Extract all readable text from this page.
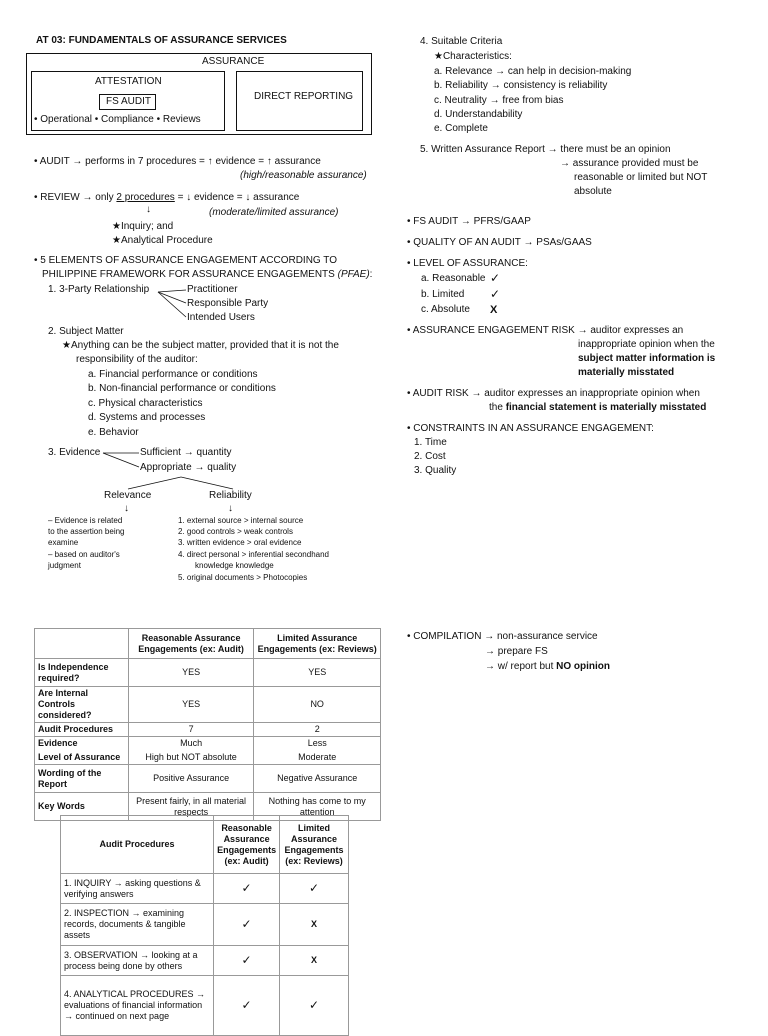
AT 03: FUNDAMENTALS OF ASSURANCE SERVICES
ASSURANCE
ATTESTATION
FS AUDIT
• Operational • Compliance • Reviews
DIRECT REPORTING
• AUDIT → performs in 7 procedures = ↑ evidence = ↑ assurance
(high/reasonable assurance)
• REVIEW → only 2 procedures = ↓ evidence = ↓ assurance
↓	(moderate/limited assurance)
★Inquiry; and
★Analytical Procedure
• 5 ELEMENTS OF ASSURANCE ENGAGEMENT ACCORDING TO
PHILIPPINE FRAMEWORK FOR ASSURANCE ENGAGEMENTS (PFAE):
1. 3-Party Relationship	Practitioner
Responsible Party
Intended Users
2. Subject Matter
★Anything can be the subject matter, provided that it is not the
responsibility of the auditor:
a. Financial performance or conditions
b. Non-financial performance or conditions
c. Physical characteristics
d. Systems and processes
e. Behavior
3. Evidence	Sufficient → quantity
Appropriate → quality
Relevance	Reliability
↓	↓
– Evidence is related
to the assertion being
examine
– based on auditor's
judgment
1. external source > internal source
2. good controls > weak controls
3. written evidence > oral evidence
4. direct personal > inferential secondhand
knowledge knowledge
5. original documents > Photocopies
4. Suitable Criteria
★Characteristics:
a. Relevance → can help in decision-making
b. Reliability → consistency is reliability
c. Neutrality → free from bias
d. Understandability
e. Complete
5. Written Assurance Report → there must be an opinion
→ assurance provided must be
reasonable or limited but NOT
absolute
• FS AUDIT → PFRS/GAAP
• QUALITY OF AN AUDIT → PSAs/GAAS
• LEVEL OF ASSURANCE:
a. Reasonable ✓
b. Limited ✓
c. Absolute X
• ASSURANCE ENGAGEMENT RISK → auditor expresses an
inappropriate opinion when the
subject matter information is
materially misstated
• AUDIT RISK → auditor expresses an inappropriate opinion when
the financial statement is materially misstated
• CONSTRAINTS IN AN ASSURANCE ENGAGEMENT:
1. Time
2. Cost
3. Quality
• COMPILATION → non-assurance service
→ prepare FS
→ w/ report but NO opinion
	Reasonable Assurance Engagements (ex: Audit)	Limited Assurance Engagements (ex: Reviews)
Is Independence required?	YES	YES
Are Internal Controls considered?	YES	NO
Audit Procedures	7	2
Evidence	Much	Less
Level of Assurance	High but NOT absolute	Moderate
Wording of the Report	Positive Assurance	Negative Assurance
Key Words	Present fairly, in all material respects	Nothing has come to my attention
Audit Procedures	Reasonable Assurance Engagements (ex: Audit)	Limited Assurance Engagements (ex: Reviews)
1. INQUIRY → asking questions & verifying answers	✓	✓
2. INSPECTION → examining records, documents & tangible assets	✓	X
3. OBSERVATION → looking at a process being done by others	✓	X
4. ANALYTICAL PROCEDURES → evaluations of financial information → continued on next page	✓	✓
